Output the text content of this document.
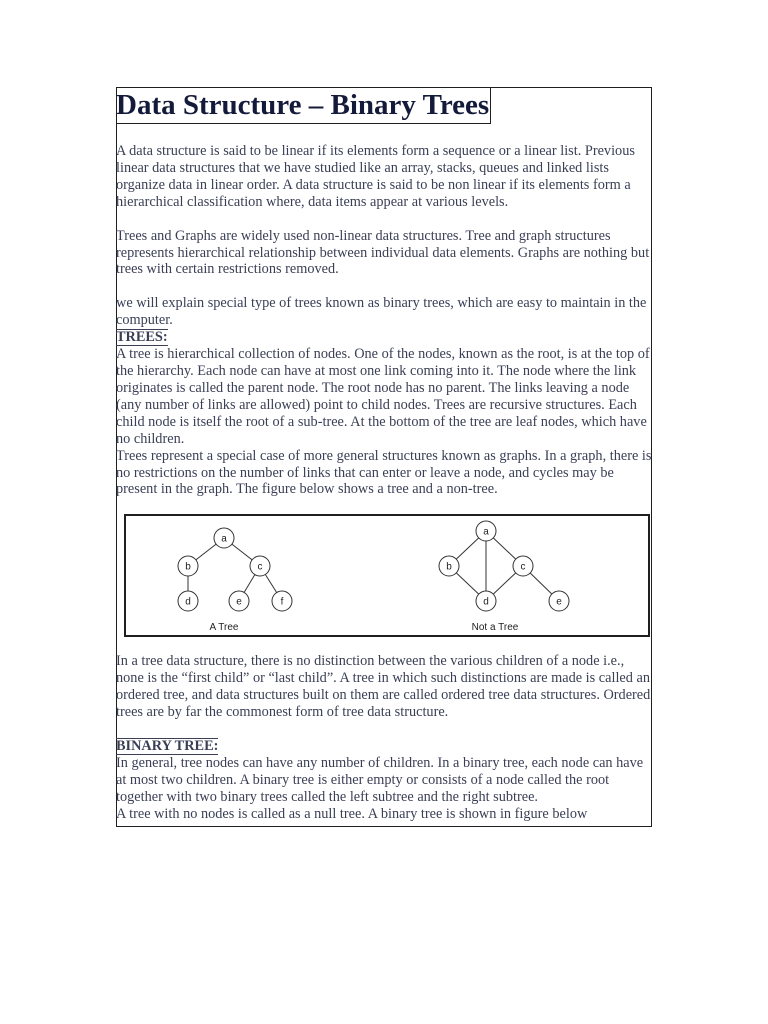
Data Structure – Binary Trees

A data structure is said to be linear if its elements form a sequence or a linear list. Previous linear data structures that we have studied like an array, stacks, queues and linked lists organize data in linear order. A data structure is said to be non linear if its elements form a hierarchical classification where, data items appear at various levels.

Trees and Graphs are widely used non-linear data structures. Tree and graph structures represents hierarchical relationship between individual data elements. Graphs are nothing but trees with certain restrictions removed.

we will explain special type of trees known as binary trees, which are easy to maintain in the computer.

TREES:

A tree is hierarchical collection of nodes. One of the nodes, known as the root, is at the top of the hierarchy. Each node can have at most one link coming into it. The node where the link originates is called the parent node. The root node has no parent. The links leaving a node (any number of links are allowed) point to child nodes. Trees are recursive structures. Each child node is itself the root of a sub-tree. At the bottom of the tree are leaf nodes, which have no children.

Trees represent a special case of more general structures known as graphs. In a graph, there is no restrictions on the number of links that can enter or leave a node, and cycles may be present in the graph. The figure below shows a tree and a non-tree.

In a tree data structure, there is no distinction between the various children of a node i.e., none is the “first child” or “last child”. A tree in which such distinctions are made is called an ordered tree, and data structures built on them are called ordered tree data structures. Ordered trees are by far the commonest form of tree data structure.

BINARY TREE:

In general, tree nodes can have any number of children. In a binary tree, each node can have at most two children. A binary tree is either empty or consists of a node called the root together with two binary trees called the left subtree and the right subtree.

A tree with no nodes is called as a null tree. A binary tree is shown in figure below

a
b	c
d	e	f
A Tree
a
b	c
d	e
Not a Tree
